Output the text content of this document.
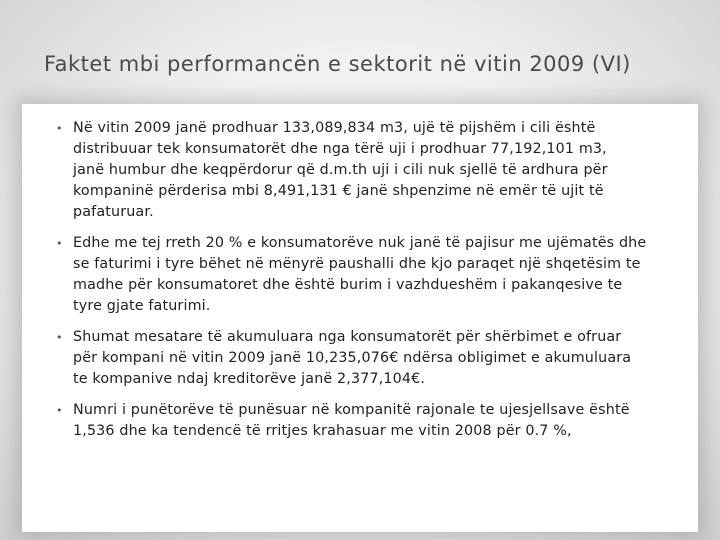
Faktet mbi performancën e sektorit në vitin 2009 (VI)
• Në vitin 2009 janë prodhuar 133,089,834 m3, ujë të pijshëm i cili është
distribuuar tek konsumatorët dhe nga tërë uji i prodhuar 77,192,101 m3,
janë humbur dhe keqpërdorur që d.m.th uji i cili nuk sjellë të ardhura për
kompaninë përderisa mbi 8,491,131 € janë shpenzime në emër të ujit të
pafaturuar.
• Edhe me tej rreth 20 % e konsumatorëve nuk janë të pajisur me ujëmatës dhe
se faturimi i tyre bëhet në mënyrë paushalli dhe kjo paraqet një shqetësim te
madhe për konsumatoret dhe është burim i vazhdueshëm i pakanqesive te
tyre gjate faturimi.
• Shumat mesatare të akumuluara nga konsumatorët për shërbimet e ofruar
për kompani në vitin 2009 janë 10,235,076€ ndërsa obligimet e akumuluara
te kompanive ndaj kreditorëve janë 2,377,104€.
• Numri i punëtorëve të punësuar në kompanitë rajonale te ujesjellsave është
1,536 dhe ka tendencë të rritjes krahasuar me vitin 2008 për 0.7 %,
